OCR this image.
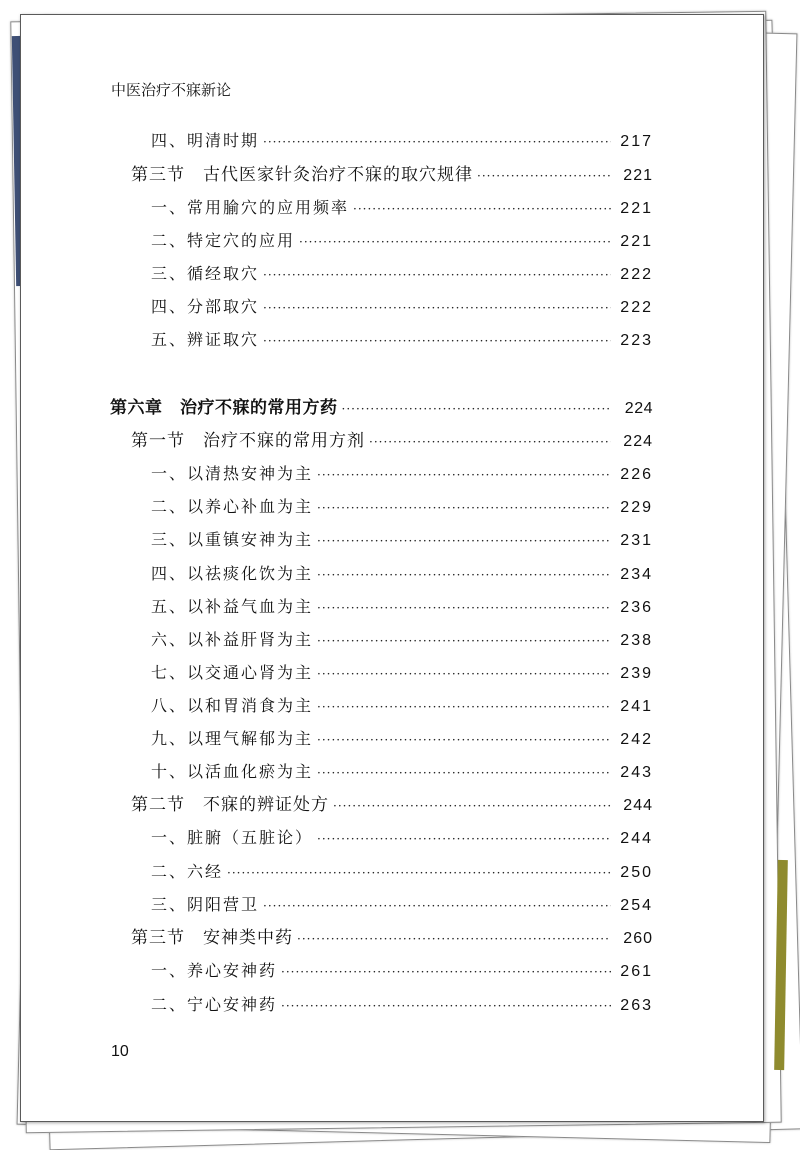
中医治疗不寐新论
四、明清时期 ·····	217
第三节　古代医家针灸治疗不寐的取穴规律 ·····	221
一、常用腧穴的应用频率 ·····	221
二、特定穴的应用 ·····	221
三、循经取穴 ·····	222
四、分部取穴 ·····	222
五、辨证取穴 ·····	223
第六章　治疗不寐的常用方药 ·····	224
第一节　治疗不寐的常用方剂 ·····	224
一、以清热安神为主 ·····	226
二、以养心补血为主 ·····	229
三、以重镇安神为主 ·····	231
四、以祛痰化饮为主 ·····	234
五、以补益气血为主 ·····	236
六、以补益肝肾为主 ·····	238
七、以交通心肾为主 ·····	239
八、以和胃消食为主 ·····	241
九、以理气解郁为主 ·····	242
十、以活血化瘀为主 ·····	243
第二节　不寐的辨证处方 ·····	244
一、脏腑（五脏论） ·····	244
二、六经 ·····	250
三、阴阳营卫 ·····	254
第三节　安神类中药 ·····	260
一、养心安神药 ·····	261
二、宁心安神药 ·····	263
10
